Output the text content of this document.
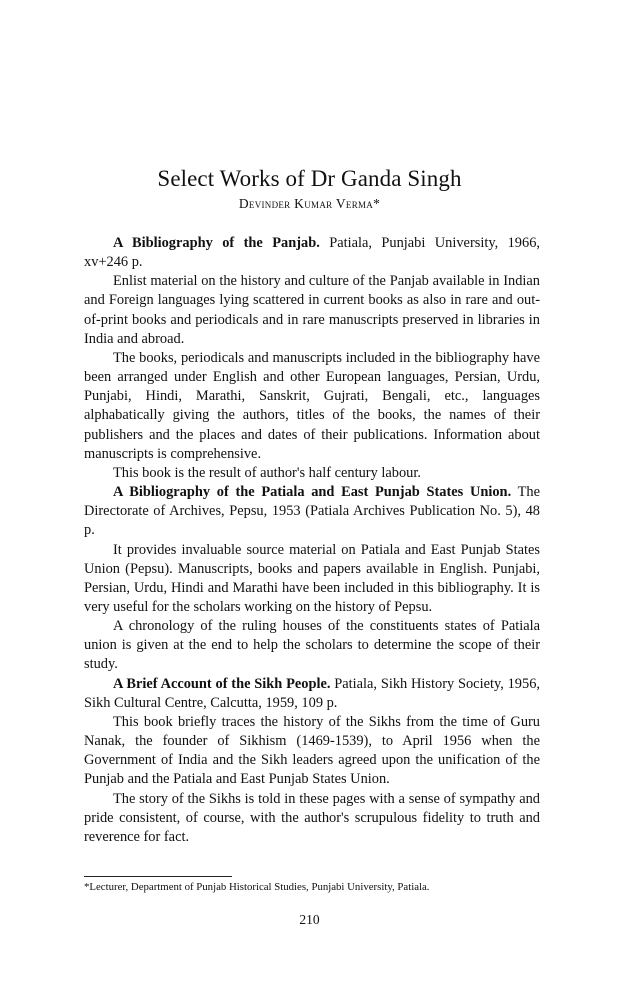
Select Works of Dr Ganda Singh
Devinder Kumar Verma*

A Bibliography of the Panjab. Patiala, Punjabi University, 1966, xv+246 p.

Enlist material on the history and culture of the Panjab available in Indian and Foreign languages lying scattered in current books as also in rare and out-of-print books and periodicals and in rare manuscripts preserved in libraries in India and abroad.

The books, periodicals and manuscripts included in the bibliography have been arranged under English and other European languages, Persian, Urdu, Punjabi, Hindi, Marathi, Sanskrit, Gujrati, Bengali, etc., languages alphabatically giving the authors, titles of the books, the names of their publishers and the places and dates of their publications. Information about manuscripts is comprehensive.

This book is the result of author's half century labour.

A Bibliography of the Patiala and East Punjab States Union. The Directorate of Archives, Pepsu, 1953 (Patiala Archives Publication No. 5), 48 p.

It provides invaluable source material on Patiala and East Punjab States Union (Pepsu). Manuscripts, books and papers available in English. Punjabi, Persian, Urdu, Hindi and Marathi have been included in this bibliography. It is very useful for the scholars working on the history of Pepsu.

A chronology of the ruling houses of the constituents states of Patiala union is given at the end to help the scholars to determine the scope of their study.

A Brief Account of the Sikh People. Patiala, Sikh History Society, 1956, Sikh Cultural Centre, Calcutta, 1959, 109 p.

This book briefly traces the history of the Sikhs from the time of Guru Nanak, the founder of Sikhism (1469-1539), to April 1956 when the Government of India and the Sikh leaders agreed upon the unification of the Punjab and the Patiala and East Punjab States Union.

The story of the Sikhs is told in these pages with a sense of sympathy and pride consistent, of course, with the author's scrupulous fidelity to truth and reverence for fact.

*Lecturer, Department of Punjab Historical Studies, Punjabi University, Patiala.
210
